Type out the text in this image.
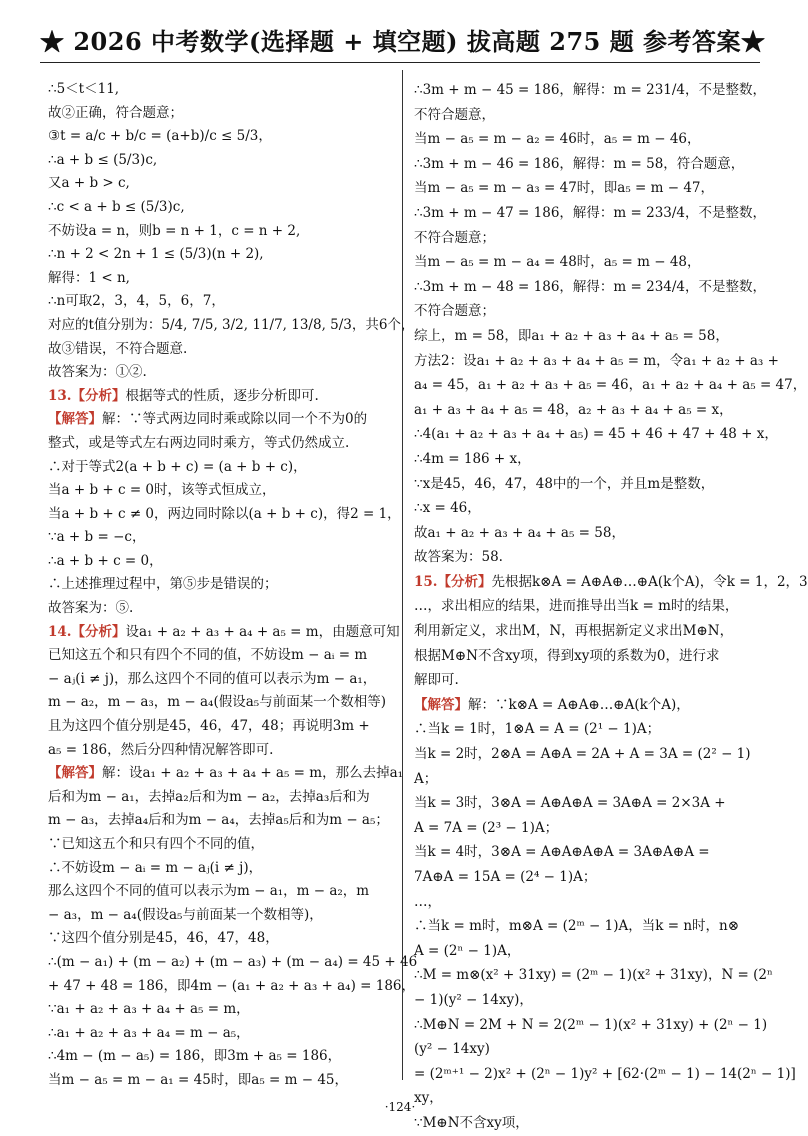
★ 2026 中考数学(选择题 + 填空题) 拔高题 275 题 参考答案★
∴5＜t＜11,
故②正确，符合题意；
③t = a/c + b/c = (a+b)/c ≤ 5/3，
∴a + b ≤ (5/3)c,
又a + b > c,
∴c < a + b ≤ (5/3)c,
不妨设a = n，则b = n + 1，c = n + 2,
∴n + 2 < 2n + 1 ≤ (5/3)(n + 2),
解得：1 < n,
∴n可取2，3，4，5，6，7，
对应的t值分别为：5/4, 7/5, 3/2, 11/7, 13/8, 5/3，共6个，
故③错误，不符合题意.
故答案为：①②.
13.【分析】根据等式的性质，逐步分析即可.
【解答】解：∵等式两边同时乘或除以同一个不为0的
整式，或是等式左右两边同时乘方，等式仍然成立.
∴对于等式2(a + b + c) = (a + b + c)，
当a + b + c = 0时，该等式恒成立，
当a + b + c ≠ 0，两边同时除以(a + b + c)，得2 = 1，
∵a + b = −c，
∴a + b + c = 0，
∴上述推理过程中，第⑤步是错误的；
故答案为：⑤.
14.【分析】设a₁ + a₂ + a₃ + a₄ + a₅ = m，由题意可知
已知这五个和只有四个不同的值，不妨设m − aᵢ = m
− aⱼ(i ≠ j)，那么这四个不同的值可以表示为m − a₁，
m − a₂，m − a₃，m − a₄(假设a₅与前面某一个数相等)
且为这四个值分别是45，46，47，48；再说明3m +
a₅ = 186，然后分四种情况解答即可.
【解答】解：设a₁ + a₂ + a₃ + a₄ + a₅ = m，那么去掉a₁
后和为m − a₁，去掉a₂后和为m − a₂，去掉a₃后和为
m − a₃，去掉a₄后和为m − a₄，去掉a₅后和为m − a₅；
∵已知这五个和只有四个不同的值，
∴不妨设m − aᵢ = m − aⱼ(i ≠ j)，
那么这四个不同的值可以表示为m − a₁，m − a₂，m
− a₃，m − a₄(假设a₅与前面某一个数相等)，
∵这四个值分别是45，46，47，48，
∴(m − a₁) + (m − a₂) + (m − a₃) + (m − a₄) = 45 + 46
+ 47 + 48 = 186，即4m − (a₁ + a₂ + a₃ + a₄) = 186，
∵a₁ + a₂ + a₃ + a₄ + a₅ = m，
∴a₁ + a₂ + a₃ + a₄ = m − a₅，
∴4m − (m − a₅) = 186，即3m + a₅ = 186，
当m − a₅ = m − a₁ = 45时，即a₅ = m − 45，
∴3m + m − 45 = 186，解得：m = 231/4，不是整数，
不符合题意，
当m − a₅ = m − a₂ = 46时，a₅ = m − 46，
∴3m + m − 46 = 186，解得：m = 58，符合题意，
当m − a₅ = m − a₃ = 47时，即a₅ = m − 47，
∴3m + m − 47 = 186，解得：m = 233/4，不是整数，
不符合题意；
当m − a₅ = m − a₄ = 48时，a₅ = m − 48，
∴3m + m − 48 = 186，解得：m = 234/4，不是整数，
不符合题意；
综上，m = 58，即a₁ + a₂ + a₃ + a₄ + a₅ = 58，
方法2：设a₁ + a₂ + a₃ + a₄ + a₅ = m，令a₁ + a₂ + a₃ +
a₄ = 45，a₁ + a₂ + a₃ + a₅ = 46，a₁ + a₂ + a₄ + a₅ = 47，
a₁ + a₃ + a₄ + a₅ = 48，a₂ + a₃ + a₄ + a₅ = x，
∴4(a₁ + a₂ + a₃ + a₄ + a₅) = 45 + 46 + 47 + 48 + x，
∴4m = 186 + x，
∵x是45，46，47，48中的一个，并且m是整数，
∴x = 46，
故a₁ + a₂ + a₃ + a₄ + a₅ = 58，
故答案为：58.
15.【分析】先根据k⊗A = A⊕A⊕…⊕A(k个A)，令k = 1，2，3
…，求出相应的结果，进而推导出当k = m时的结果，
利用新定义，求出M，N，再根据新定义求出M⊕N，
根据M⊕N不含xy项，得到xy项的系数为0，进行求
解即可.
【解答】解：∵k⊗A = A⊕A⊕…⊕A(k个A)，
∴当k = 1时，1⊗A = A = (2¹ − 1)A；
当k = 2时，2⊗A = A⊕A = 2A + A = 3A = (2² − 1)
A；
当k = 3时，3⊗A = A⊕A⊕A = 3A⊕A = 2×3A +
A = 7A = (2³ − 1)A；
当k = 4时，3⊗A = A⊕A⊕A⊕A = 3A⊕A⊕A =
7A⊕A = 15A = (2⁴ − 1)A；
…，
∴当k = m时，m⊗A = (2ᵐ − 1)A，当k = n时，n⊗
A = (2ⁿ − 1)A，
∴M = m⊗(x² + 31xy) = (2ᵐ − 1)(x² + 31xy)，N = (2ⁿ
− 1)(y² − 14xy)，
∴M⊕N = 2M + N = 2(2ᵐ − 1)(x² + 31xy) + (2ⁿ − 1)
(y² − 14xy)
= (2ᵐ⁺¹ − 2)x² + (2ⁿ − 1)y² + [62·(2ᵐ − 1) − 14(2ⁿ − 1)]
xy，
∵M⊕N不含xy项，
·124·
